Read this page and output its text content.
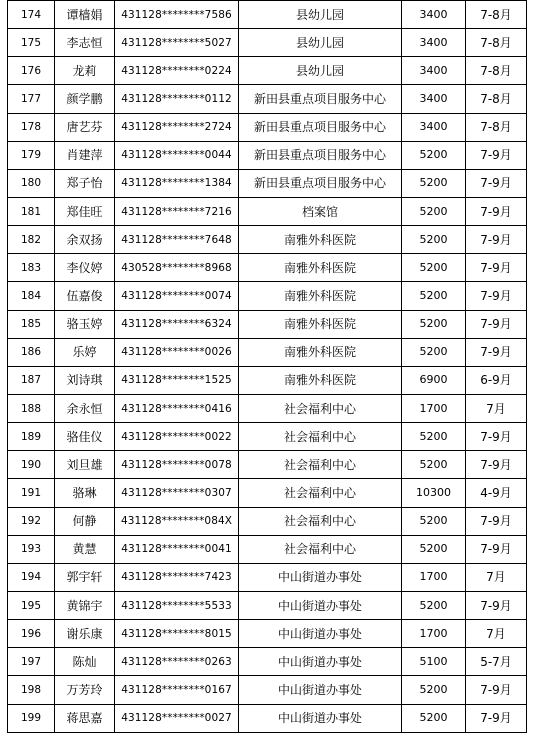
174	谭樯娟	431128********7586	县幼儿园	3400	7-8月
175	李志恒	431128********5027	县幼儿园	3400	7-8月
176	龙莉	431128********0224	县幼儿园	3400	7-8月
177	颜学鹏	431128********0112	新田县重点项目服务中心	3400	7-8月
178	唐艺芬	431128********2724	新田县重点项目服务中心	3400	7-8月
179	肖建萍	431128********0044	新田县重点项目服务中心	5200	7-9月
180	郑子怡	431128********1384	新田县重点项目服务中心	5200	7-9月
181	郑佳旺	431128********7216	档案馆	5200	7-9月
182	余双扬	431128********7648	南雅外科医院	5200	7-9月
183	李仪婷	430528********8968	南雅外科医院	5200	7-9月
184	伍嘉俊	431128********0074	南雅外科医院	5200	7-9月
185	骆玉婷	431128********6324	南雅外科医院	5200	7-9月
186	乐婷	431128********0026	南雅外科医院	5200	7-9月
187	刘诗琪	431128********1525	南雅外科医院	6900	6-9月
188	余永恒	431128********0416	社会福利中心	1700	7月
189	骆佳仪	431128********0022	社会福利中心	5200	7-9月
190	刘旦雄	431128********0078	社会福利中心	5200	7-9月
191	骆琳	431128********0307	社会福利中心	10300	4-9月
192	何静	431128********084X	社会福利中心	5200	7-9月
193	黄慧	431128********0041	社会福利中心	5200	7-9月
194	郭宇轩	431128********7423	中山街道办事处	1700	7月
195	黄锦宇	431128********5533	中山街道办事处	5200	7-9月
196	谢乐康	431128********8015	中山街道办事处	1700	7月
197	陈灿	431128********0263	中山街道办事处	5100	5-7月
198	万芳玲	431128********0167	中山街道办事处	5200	7-9月
199	蒋思嘉	431128********0027	中山街道办事处	5200	7-9月
